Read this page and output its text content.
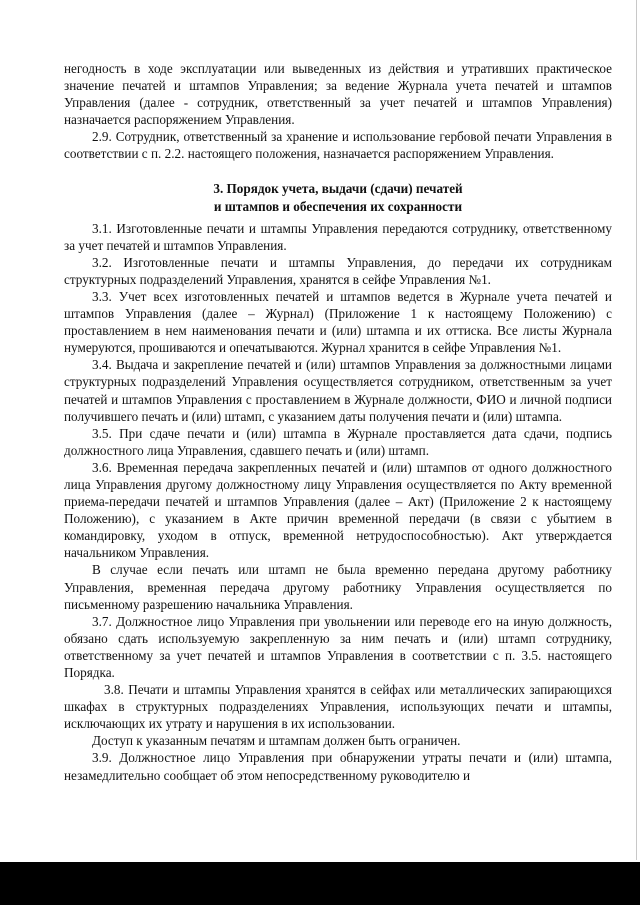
негодность в ходе эксплуатации или выведенных из действия и утративших практическое значение печатей и штампов Управления; за ведение Журнала учета печатей и штампов Управления (далее - сотрудник, ответственный за учет печатей и штампов Управления) назначается распоряжением Управления.

2.9. Сотрудник, ответственный за хранение и использование гербовой печати Управления в соответствии с п. 2.2. настоящего положения, назначается распоряжением Управления.

3. Порядок учета, выдачи (сдачи) печатей
и штампов и обеспечения их сохранности

3.1. Изготовленные печати и штампы Управления передаются сотруднику, ответственному за учет печатей и штампов Управления.

3.2. Изготовленные печати и штампы Управления, до передачи их сотрудникам структурных подразделений Управления, хранятся в сейфе Управления №1.

3.3. Учет всех изготовленных печатей и штампов ведется в Журнале учета печатей и штампов Управления (далее – Журнал) (Приложение 1 к настоящему Положению) с проставлением в нем наименования печати и (или) штампа и их оттиска. Все листы Журнала нумеруются, прошиваются и опечатываются. Журнал хранится в сейфе Управления №1.

3.4. Выдача и закрепление печатей и (или) штампов Управления за должностными лицами структурных подразделений Управления осуществляется сотрудником, ответственным за учет печатей и штампов Управления с проставлением в Журнале должности, ФИО и личной подписи получившего печать и (или) штамп, с указанием даты получения печати и (или) штампа.

3.5. При сдаче печати и (или) штампа в Журнале проставляется дата сдачи, подпись должностного лица Управления, сдавшего печать и (или) штамп.

3.6. Временная передача закрепленных печатей и (или) штампов от одного должностного лица Управления другому должностному лицу Управления осуществляется по Акту временной приема-передачи печатей и штампов Управления (далее – Акт) (Приложение 2 к настоящему Положению), с указанием в Акте причин временной передачи (в связи с убытием в командировку, уходом в отпуск, временной нетрудоспособностью). Акт утверждается начальником Управления.

В случае если печать или штамп не была временно передана другому работнику Управления, временная передача другому работнику Управления осуществляется по письменному разрешению начальника Управления.

3.7. Должностное лицо Управления при увольнении или переводе его на иную должность, обязано сдать используемую закрепленную за ним печать и (или) штамп сотруднику, ответственному за учет печатей и штампов Управления в соответствии с п. 3.5. настоящего Порядка.

3.8. Печати и штампы Управления хранятся в сейфах или металлических запирающихся шкафах в структурных подразделениях Управления, использующих печати и штампы, исключающих их утрату и нарушения в их использовании.

Доступ к указанным печатям и штампам должен быть ограничен.

3.9. Должностное лицо Управления при обнаружении утраты печати и (или) штампа, незамедлительно сообщает об этом непосредственному руководителю и
